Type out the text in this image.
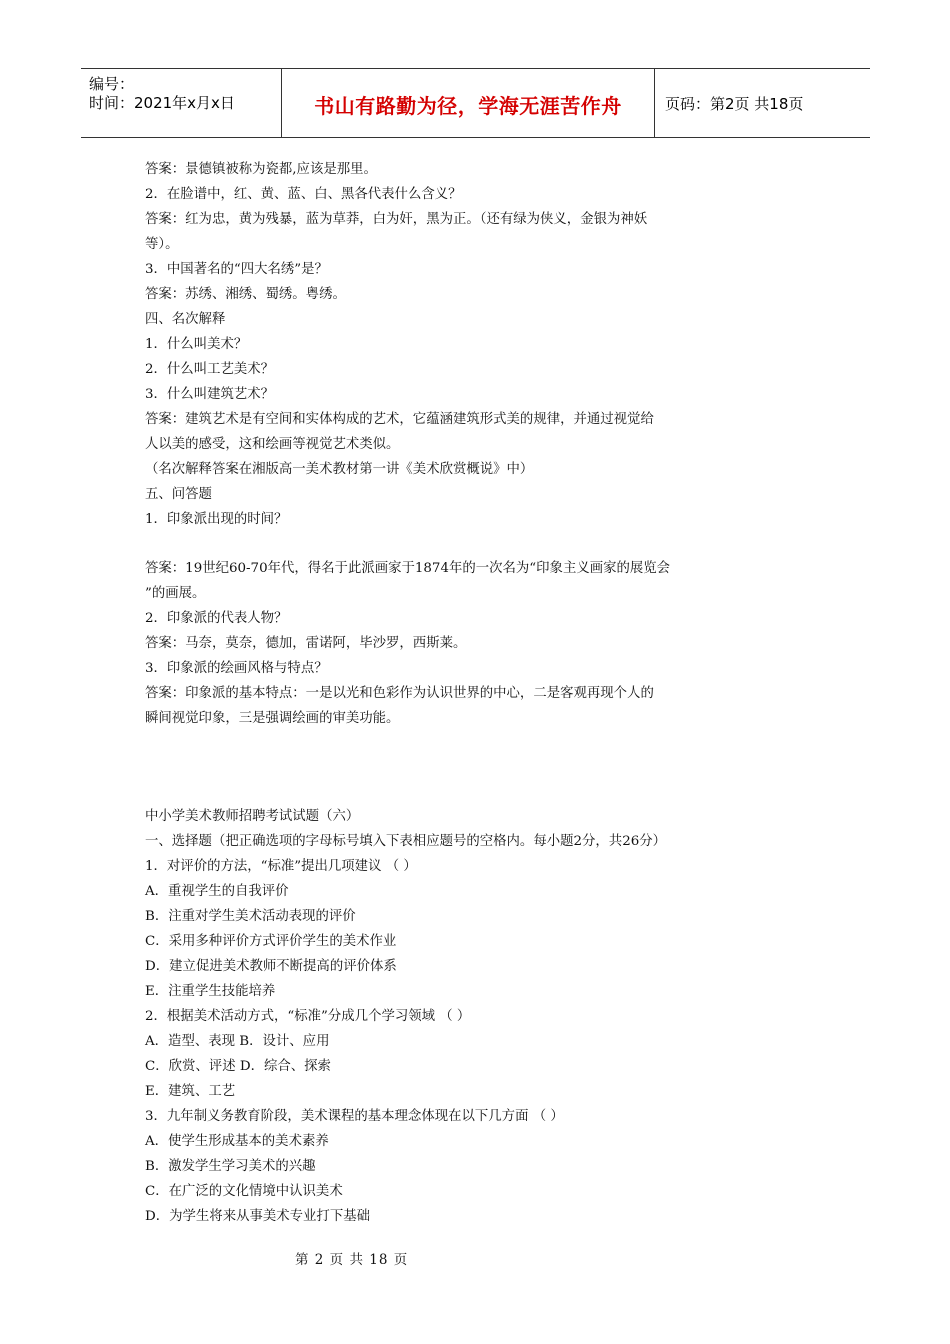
编号：
时间：2021年x月x日	书山有路勤为径，学海无涯苦作舟	页码：第2页 共18页
答案：景德镇被称为瓷都,应该是那里。
2．在脸谱中，红、黄、蓝、白、黑各代表什么含义？
答案：红为忠，黄为残暴，蓝为草莽，白为奸，黑为正。（还有绿为侠义，金银为神妖
等）。
3．中国著名的“四大名绣”是？
答案：苏绣、湘绣、蜀绣。粤绣。
四、名次解释
1．什么叫美术？
2．什么叫工艺美术？
3．什么叫建筑艺术？
答案：建筑艺术是有空间和实体构成的艺术，它蕴涵建筑形式美的规律，并通过视觉给
人以美的感受，这和绘画等视觉艺术类似。
（名次解释答案在湘版高一美术教材第一讲《美术欣赏概说》中）
五、问答题
1．印象派出现的时间？
答案：19世纪60-70年代，得名于此派画家于1874年的一次名为“印象主义画家的展览会
”的画展。
2．印象派的代表人物？
答案：马奈，莫奈，德加，雷诺阿，毕沙罗，西斯莱。
3．印象派的绘画风格与特点？
答案：印象派的基本特点：一是以光和色彩作为认识世界的中心，二是客观再现个人的
瞬间视觉印象，三是强调绘画的审美功能。
中小学美术教师招聘考试试题（六）
一、选择题（把正确选项的字母标号填入下表相应题号的空格内。每小题2分，共26分）
1．对评价的方法，“标准”提出几项建议 （ ）
A．重视学生的自我评价
B．注重对学生美术活动表现的评价
C．采用多种评价方式评价学生的美术作业
D．建立促进美术教师不断提高的评价体系
E．注重学生技能培养
2．根据美术活动方式，“标准”分成几个学习领域 （ ）
A．造型、表现 B．设计、应用
C．欣赏、评述 D．综合、探索
E．建筑、工艺
3．九年制义务教育阶段，美术课程的基本理念体现在以下几方面 （ ）
A．使学生形成基本的美术素养
B．激发学生学习美术的兴趣
C．在广泛的文化情境中认识美术
D．为学生将来从事美术专业打下基础
第 2 页 共 18 页
